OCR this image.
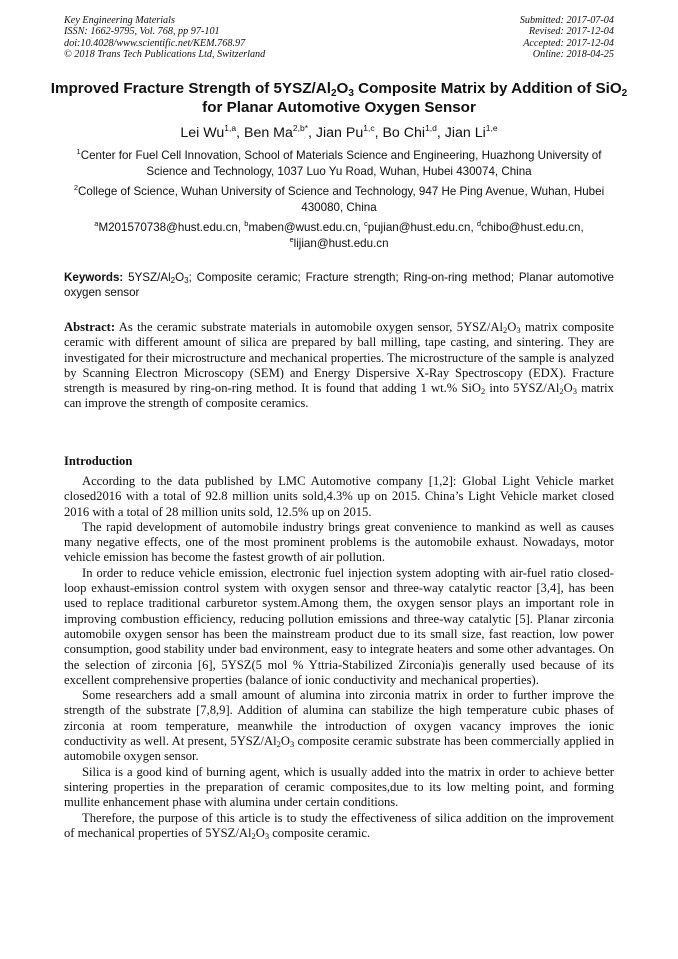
Key Engineering Materials
ISSN: 1662-9795, Vol. 768, pp 97-101
doi:10.4028/www.scientific.net/KEM.768.97
© 2018 Trans Tech Publications Ltd, Switzerland
Submitted: 2017-07-04
Revised: 2017-12-04
Accepted: 2017-12-04
Online: 2018-04-25
Improved Fracture Strength of $5YSZ/Al_2O_3$ Composite Matrix by Addition of SiO$_2$ for Planar Automotive Oxygen Sensor
Lei Wu$^{1,a}$, Ben $Ma^{2,b*}$, Jian Pu$^{1,c}$, Bo Chi$^{1,d}$, Jian Li$^{1,e}$
$^1$Center for Fuel Cell Innovation, School of Materials Science and Engineering, Huazhong University of Science and Technology, 1037 Luo Yu Road, Wuhan, Hubei 430074, China
$^2$College of Science, Wuhan University of Science and Technology, 947 He Ping Avenue, Wuhan, Hubei 430080, China
$^a$M201570738@hust.edu.cn, $^b$maben@wust.edu.cn, $^c$pujian@hust.edu.cn, $^d$chibo@hust.edu.cn, $^e$lijian@hust.edu.cn
Keywords: $5YSZ/Al_2O_3$; Composite ceramic; Fracture strength; Ring-on-ring method; Planar automotive oxygen sensor
Abstract: As the ceramic substrate materials in automobile oxygen sensor, $5YSZ/Al_2O_3$ matrix composite ceramic with different amount of silica are prepared by ball milling, tape casting, and sintering. They are investigated for their microstructure and mechanical properties. The microstructure of the sample is analyzed by Scanning Electron Microscopy (SEM) and Energy Dispersive X-Ray Spectroscopy (EDX). Fracture strength is measured by ring-on-ring method. It is found that adding 1 wt.% SiO$_2$ into $5YSZ/Al_2O_3$ matrix can improve the strength of composite ceramics.
Introduction

According to the data published by LMC Automotive company [1,2]: Global Light Vehicle market closed2016 with a total of 92.8 million units sold,4.3% up on 2015. China’s Light Vehicle market closed 2016 with a total of 28 million units sold, 12.5% up on 2015.

The rapid development of automobile industry brings great convenience to mankind as well as causes many negative effects, one of the most prominent problems is the automobile exhaust. Nowadays, motor vehicle emission has become the fastest growth of air pollution.

In order to reduce vehicle emission, electronic fuel injection system adopting with air-fuel ratio closed-loop exhaust-emission control system with oxygen sensor and three-way catalytic reactor [3,4], has been used to replace traditional carburetor system.Among them, the oxygen sensor plays an important role in improving combustion efficiency, reducing pollution emissions and three-way catalytic [5]. Planar zirconia automobile oxygen sensor has been the mainstream product due to its small size, fast reaction, low power consumption, good stability under bad environment, easy to integrate heaters and some other advantages. On the selection of zirconia [6], 5YSZ(5 mol % Yttria-Stabilized Zirconia)is generally used because of its excellent comprehensive properties (balance of ionic conductivity and mechanical properties).

Some researchers add a small amount of alumina into zirconia matrix in order to further improve the strength of the substrate [7,8,9]. Addition of alumina can stabilize the high temperature cubic phases of zirconia at room temperature, meanwhile the introduction of oxygen vacancy improves the ionic conductivity as well. At present, $5YSZ/Al_2O_3$ composite ceramic substrate has been commercially applied in automobile oxygen sensor.

Silica is a good kind of burning agent, which is usually added into the matrix in order to achieve better sintering properties in the preparation of ceramic composites,due to its low melting point, and forming mullite enhancement phase with alumina under certain conditions.

Therefore, the purpose of this article is to study the effectiveness of silica addition on the improvement of mechanical properties of $5YSZ/Al_2O_3$ composite ceramic.
